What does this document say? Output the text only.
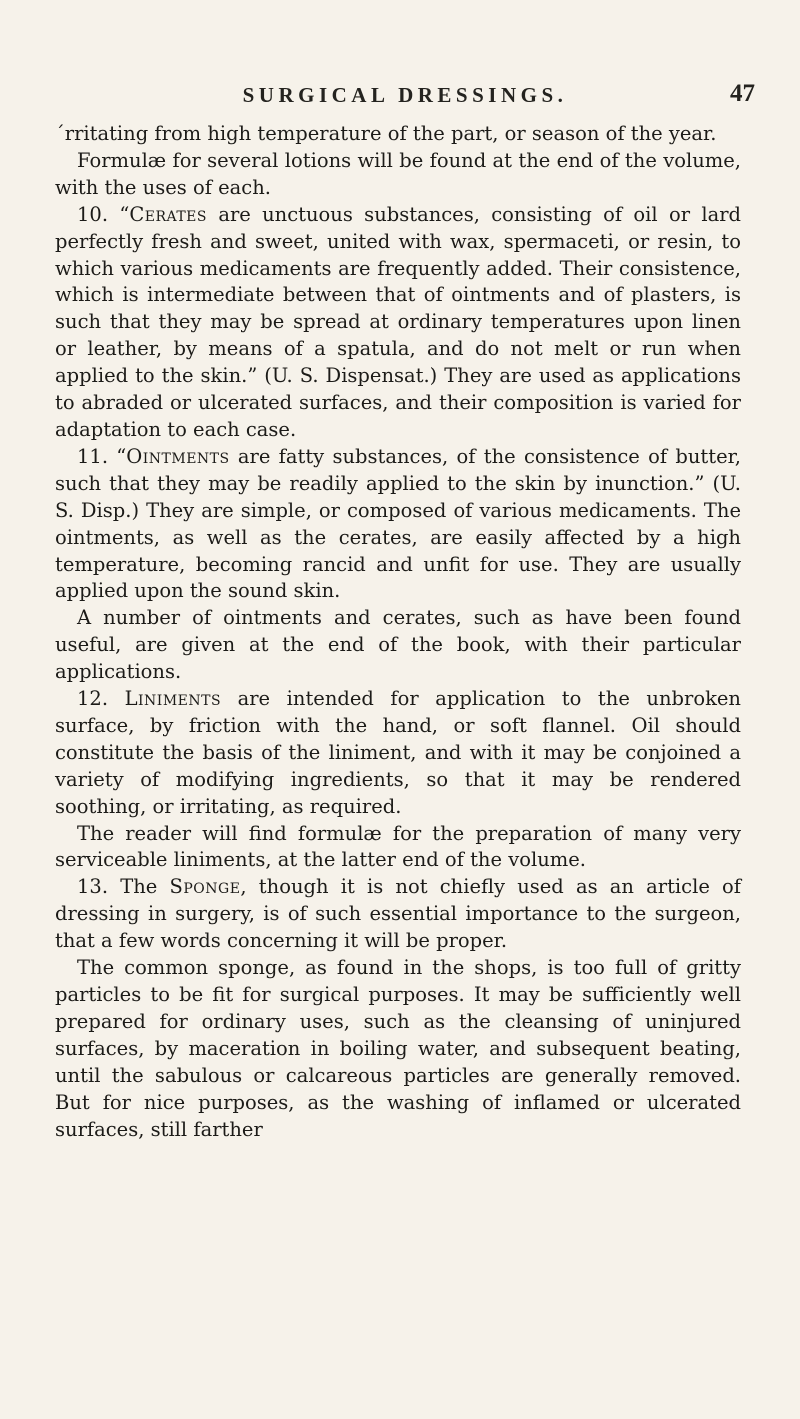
SURGICAL DRESSINGS.	47

´rritating from high temperature of the part, or season of the year.

Formulæ for several lotions will be found at the end of the volume, with the uses of each.

10. “Cerates are unctuous substances, consisting of oil or lard perfectly fresh and sweet, united with wax, spermaceti, or resin, to which various medicaments are frequently added. Their consistence, which is intermediate between that of ointments and of plasters, is such that they may be spread at ordinary temperatures upon linen or leather, by means of a spatula, and do not melt or run when applied to the skin.” (U. S. Dispensat.) They are used as applications to abraded or ulcerated surfaces, and their composition is varied for adaptation to each case.

11. “Ointments are fatty substances, of the consistence of butter, such that they may be readily applied to the skin by inunction.” (U. S. Disp.) They are simple, or composed of various medicaments. The ointments, as well as the cerates, are easily affected by a high temperature, becoming rancid and unfit for use. They are usually applied upon the sound skin.

A number of ointments and cerates, such as have been found useful, are given at the end of the book, with their particular applications.

12. Liniments are intended for application to the unbroken surface, by friction with the hand, or soft flannel. Oil should constitute the basis of the liniment, and with it may be conjoined a variety of modifying ingredients, so that it may be rendered soothing, or irritating, as required.

The reader will find formulæ for the preparation of many very serviceable liniments, at the latter end of the volume.

13. The Sponge, though it is not chiefly used as an article of dressing in surgery, is of such essential importance to the surgeon, that a few words concerning it will be proper.

The common sponge, as found in the shops, is too full of gritty particles to be fit for surgical purposes. It may be sufficiently well prepared for ordinary uses, such as the cleansing of uninjured surfaces, by maceration in boiling water, and subsequent beating, until the sabulous or calcareous particles are generally removed. But for nice purposes, as the washing of inflamed or ulcerated surfaces, still farther
